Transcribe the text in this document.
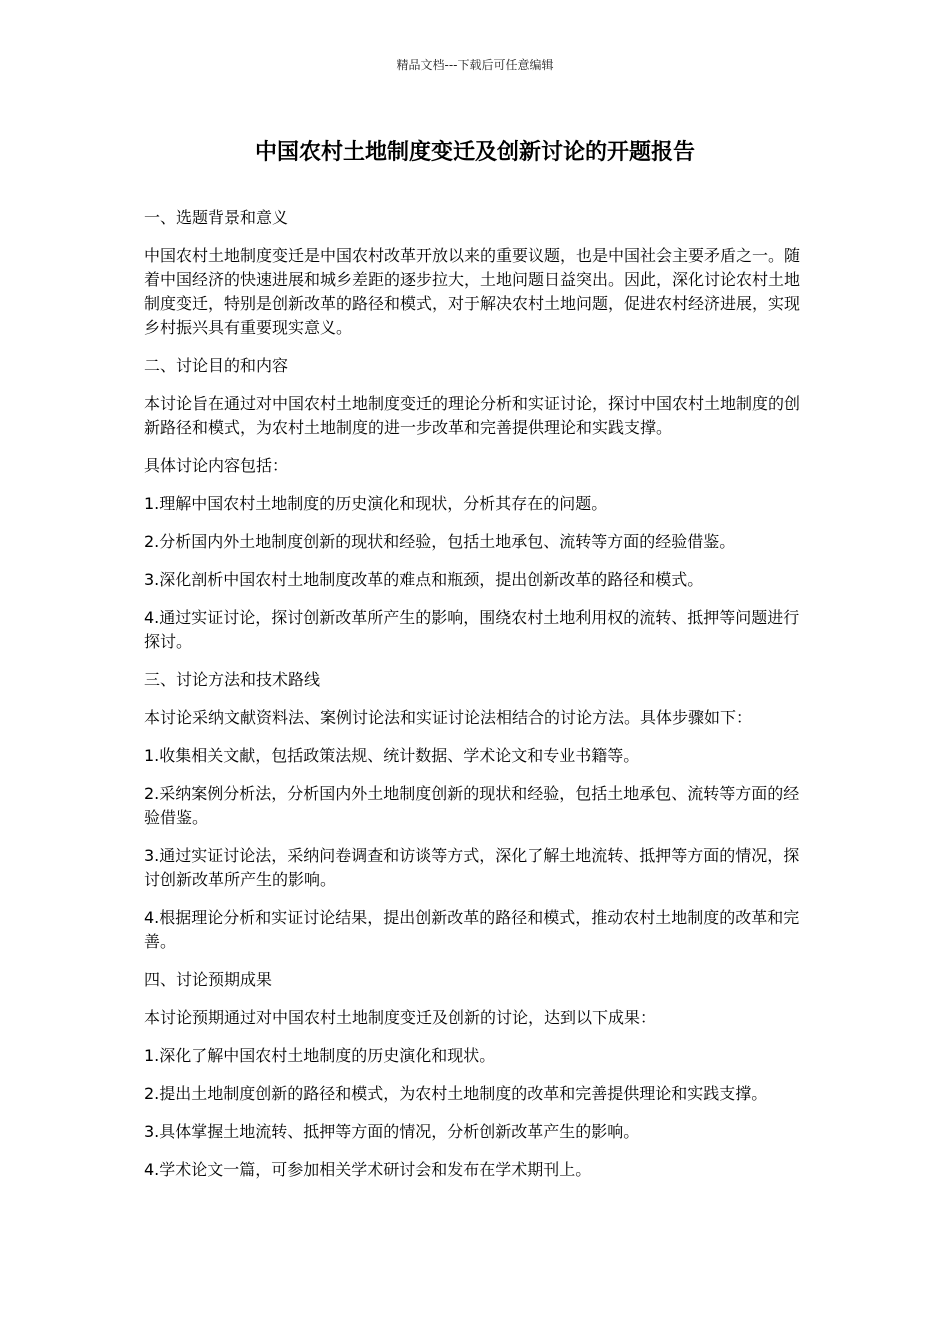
精品文档---下载后可任意编辑
中国农村土地制度变迁及创新讨论的开题报告

一、选题背景和意义

中国农村土地制度变迁是中国农村改革开放以来的重要议题，也是中国社会主要矛盾之一。随着中国经济的快速进展和城乡差距的逐步拉大，土地问题日益突出。因此，深化讨论农村土地制度变迁，特别是创新改革的路径和模式，对于解决农村土地问题，促进农村经济进展，实现乡村振兴具有重要现实意义。

二、讨论目的和内容

本讨论旨在通过对中国农村土地制度变迁的理论分析和实证讨论，探讨中国农村土地制度的创新路径和模式，为农村土地制度的进一步改革和完善提供理论和实践支撑。

具体讨论内容包括：

1.理解中国农村土地制度的历史演化和现状，分析其存在的问题。

2.分析国内外土地制度创新的现状和经验，包括土地承包、流转等方面的经验借鉴。

3.深化剖析中国农村土地制度改革的难点和瓶颈，提出创新改革的路径和模式。

4.通过实证讨论，探讨创新改革所产生的影响，围绕农村土地利用权的流转、抵押等问题进行探讨。

三、讨论方法和技术路线

本讨论采纳文献资料法、案例讨论法和实证讨论法相结合的讨论方法。具体步骤如下：

1.收集相关文献，包括政策法规、统计数据、学术论文和专业书籍等。

2.采纳案例分析法，分析国内外土地制度创新的现状和经验，包括土地承包、流转等方面的经验借鉴。

3.通过实证讨论法，采纳问卷调查和访谈等方式，深化了解土地流转、抵押等方面的情况，探讨创新改革所产生的影响。

4.根据理论分析和实证讨论结果，提出创新改革的路径和模式，推动农村土地制度的改革和完善。

四、讨论预期成果

本讨论预期通过对中国农村土地制度变迁及创新的讨论，达到以下成果：

1.深化了解中国农村土地制度的历史演化和现状。

2.提出土地制度创新的路径和模式，为农村土地制度的改革和完善提供理论和实践支撑。

3.具体掌握土地流转、抵押等方面的情况，分析创新改革产生的影响。

4.学术论文一篇，可参加相关学术研讨会和发布在学术期刊上。
